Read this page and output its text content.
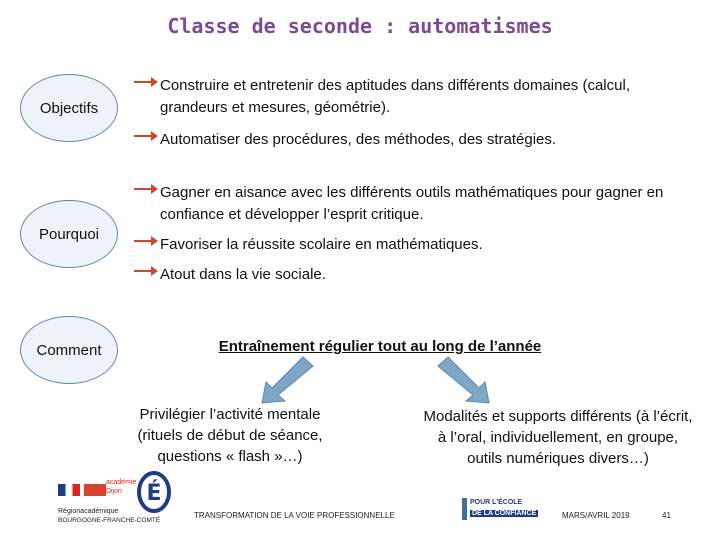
Classe de seconde : automatismes
Objectifs
Construire et entretenir des aptitudes dans différents domaines (calcul, grandeurs et mesures, géométrie).
Automatiser des procédures, des méthodes, des stratégies.
Pourquoi
Gagner en aisance avec les différents outils mathématiques pour gagner en confiance et développer l’esprit critique.
Favoriser la réussite scolaire en mathématiques.
Atout dans la vie sociale.
Comment	Entraînement régulier tout au long de l’année
Privilégier l’activité mentale (rituels de début de séance, questions « flash »…)
Modalités et supports différents (à l’écrit, à l’oral, individuellement, en groupe, outils numériques divers…)
Régionacadémique
BOURGOGNE-FRANCHE-COMTÉ
académie Dijon	É
TRANSFORMATION DE LA VOIE PROFESSIONNELLE
POUR L'ÉCOLE
DE LA CONFIANCE	MARS/AVRIL 2019	41
